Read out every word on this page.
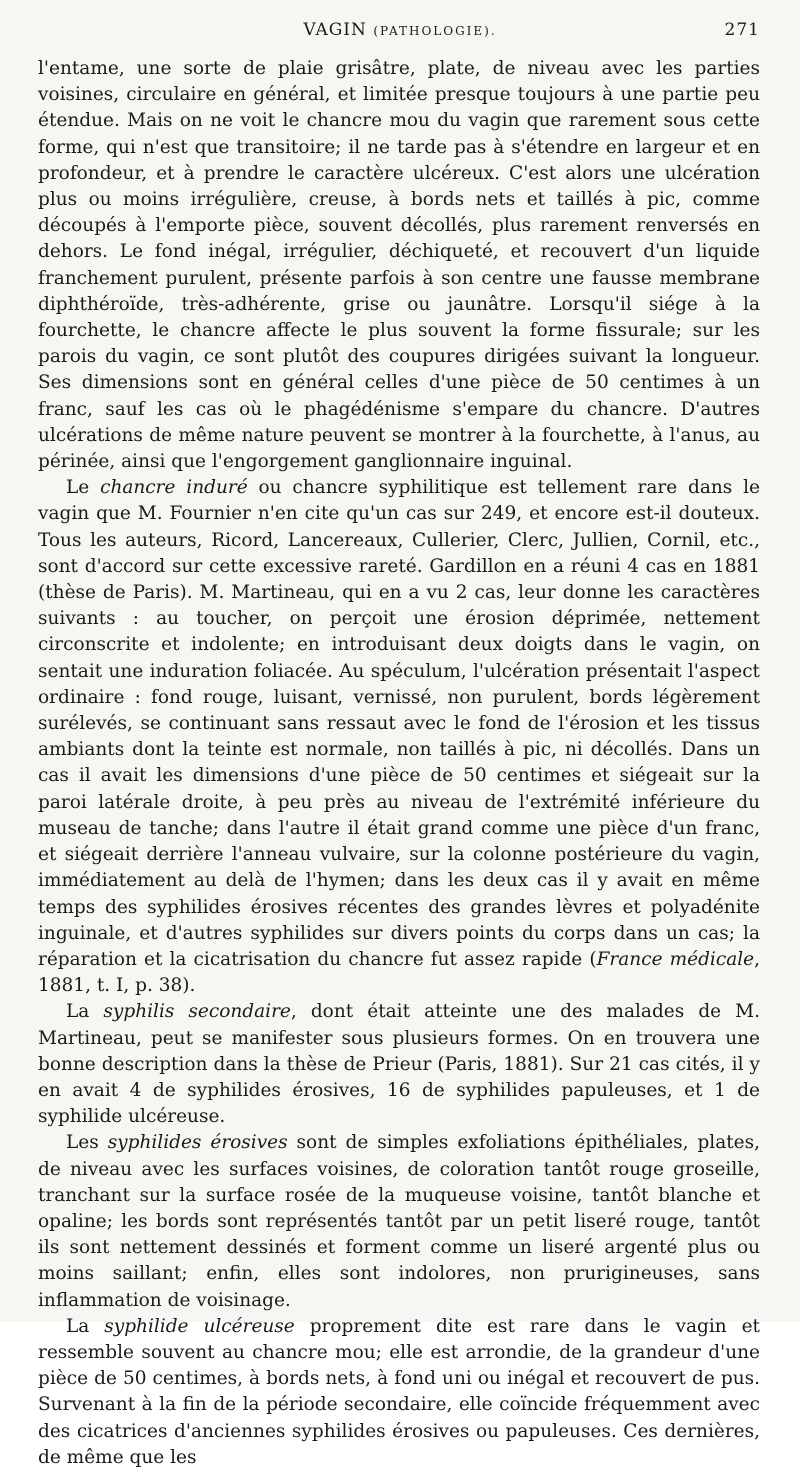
VAGIN (PATHOLOGIE).	271

l'entame, une sorte de plaie grisâtre, plate, de niveau avec les parties voisines, circulaire en général, et limitée presque toujours à une partie peu étendue. Mais on ne voit le chancre mou du vagin que rarement sous cette forme, qui n'est que transitoire; il ne tarde pas à s'étendre en largeur et en profondeur, et à prendre le caractère ulcéreux. C'est alors une ulcération plus ou moins irrégulière, creuse, à bords nets et taillés à pic, comme découpés à l'emporte pièce, souvent décollés, plus rarement renversés en dehors. Le fond inégal, irrégulier, déchiqueté, et recouvert d'un liquide franchement purulent, présente parfois à son centre une fausse membrane diphthéroïde, très-adhérente, grise ou jaunâtre. Lorsqu'il siége à la fourchette, le chancre affecte le plus souvent la forme fissurale; sur les parois du vagin, ce sont plutôt des coupures dirigées suivant la longueur. Ses dimensions sont en général celles d'une pièce de 50 centimes à un franc, sauf les cas où le phagédénisme s'empare du chancre. D'autres ulcérations de même nature peuvent se montrer à la fourchette, à l'anus, au périnée, ainsi que l'engorgement ganglionnaire inguinal.

Le chancre induré ou chancre syphilitique est tellement rare dans le vagin que M. Fournier n'en cite qu'un cas sur 249, et encore est-il douteux. Tous les auteurs, Ricord, Lancereaux, Cullerier, Clerc, Jullien, Cornil, etc., sont d'accord sur cette excessive rareté. Gardillon en a réuni 4 cas en 1881 (thèse de Paris). M. Martineau, qui en a vu 2 cas, leur donne les caractères suivants : au toucher, on perçoit une érosion déprimée, nettement circonscrite et indolente; en introduisant deux doigts dans le vagin, on sentait une induration foliacée. Au spéculum, l'ulcération présentait l'aspect ordinaire : fond rouge, luisant, vernissé, non purulent, bords légèrement surélevés, se continuant sans ressaut avec le fond de l'érosion et les tissus ambiants dont la teinte est normale, non taillés à pic, ni décollés. Dans un cas il avait les dimensions d'une pièce de 50 centimes et siégeait sur la paroi latérale droite, à peu près au niveau de l'extrémité inférieure du museau de tanche; dans l'autre il était grand comme une pièce d'un franc, et siégeait derrière l'anneau vulvaire, sur la colonne postérieure du vagin, immédiatement au delà de l'hymen; dans les deux cas il y avait en même temps des syphilides érosives récentes des grandes lèvres et polyadénite inguinale, et d'autres syphilides sur divers points du corps dans un cas; la réparation et la cicatrisation du chancre fut assez rapide (France médicale, 1881, t. I, p. 38).

La syphilis secondaire, dont était atteinte une des malades de M. Martineau, peut se manifester sous plusieurs formes. On en trouvera une bonne description dans la thèse de Prieur (Paris, 1881). Sur 21 cas cités, il y en avait 4 de syphilides érosives, 16 de syphilides papuleuses, et 1 de syphilide ulcéreuse.

Les syphilides érosives sont de simples exfoliations épithéliales, plates, de niveau avec les surfaces voisines, de coloration tantôt rouge groseille, tranchant sur la surface rosée de la muqueuse voisine, tantôt blanche et opaline; les bords sont représentés tantôt par un petit liseré rouge, tantôt ils sont nettement dessinés et forment comme un liseré argenté plus ou moins saillant; enfin, elles sont indolores, non prurigineuses, sans inflammation de voisinage.

La syphilide ulcéreuse proprement dite est rare dans le vagin et ressemble souvent au chancre mou; elle est arrondie, de la grandeur d'une pièce de 50 centimes, à bords nets, à fond uni ou inégal et recouvert de pus. Survenant à la fin de la période secondaire, elle coïncide fréquemment avec des cicatrices d'anciennes syphilides érosives ou papuleuses. Ces dernières, de même que les
